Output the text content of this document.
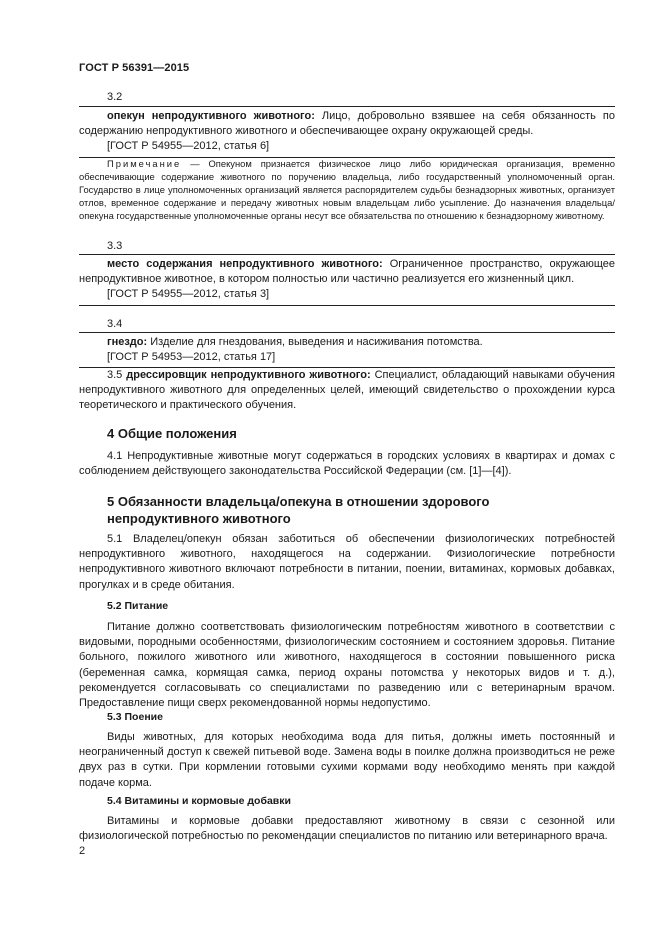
ГОСТ Р 56391—2015
3.2
опекун непродуктивного животного: Лицо, добровольно взявшее на себя обязанность по содержанию непродуктивного животного и обеспечивающее охрану окружающей среды.
[ГОСТ Р 54955—2012, статья 6]
Примечание — Опекуном признается физическое лицо либо юридическая организация, временно обеспечивающие содержание животного по поручению владельца, либо государственный уполномоченный орган. Государство в лице уполномоченных организаций является распорядителем судьбы безнадзорных животных, организует отлов, временное содержание и передачу животных новым владельцам либо усыпление. До назначения владельца/опекуна государственные уполномоченные органы несут все обязательства по отношению к безнадзорному животному.
3.3
место содержания непродуктивного животного: Ограниченное пространство, окружающее непродуктивное животное, в котором полностью или частично реализуется его жизненный цикл.
[ГОСТ Р 54955—2012, статья 3]
3.4
гнездо: Изделие для гнездования, выведения и насиживания потомства.
[ГОСТ Р 54953—2012, статья 17]
3.5 дрессировщик непродуктивного животного: Специалист, обладающий навыками обучения непродуктивного животного для определенных целей, имеющий свидетельство о прохождении курса теоретического и практического обучения.
4 Общие положения
4.1 Непродуктивные животные могут содержаться в городских условиях в квартирах и домах с соблюдением действующего законодательства Российской Федерации (см. [1]—[4]).
5 Обязанности владельца/опекуна в отношении здорового
непродуктивного животного
5.1 Владелец/опекун обязан заботиться об обеспечении физиологических потребностей непродуктивного животного, находящегося на содержании. Физиологические потребности непродуктивного животного включают потребности в питании, поении, витаминах, кормовых добавках, прогулках и в среде обитания.
5.2 Питание
Питание должно соответствовать физиологическим потребностям животного в соответствии с видовыми, породными особенностями, физиологическим состоянием и состоянием здоровья. Питание больного, пожилого животного или животного, находящегося в состоянии повышенного риска (беременная самка, кормящая самка, период охраны потомства у некоторых видов и т. д.), рекомендуется согласовывать со специалистами по разведению или с ветеринарным врачом. Предоставление пищи сверх рекомендованной нормы недопустимо.
5.3 Поение
Виды животных, для которых необходима вода для питья, должны иметь постоянный и неограниченный доступ к свежей питьевой воде. Замена воды в поилке должна производиться не реже двух раз в сутки. При кормлении готовыми сухими кормами воду необходимо менять при каждой подаче корма.
5.4 Витамины и кормовые добавки
Витамины и кормовые добавки предоставляют животному в связи с сезонной или физиологической потребностью по рекомендации специалистов по питанию или ветеринарного врача.
2
